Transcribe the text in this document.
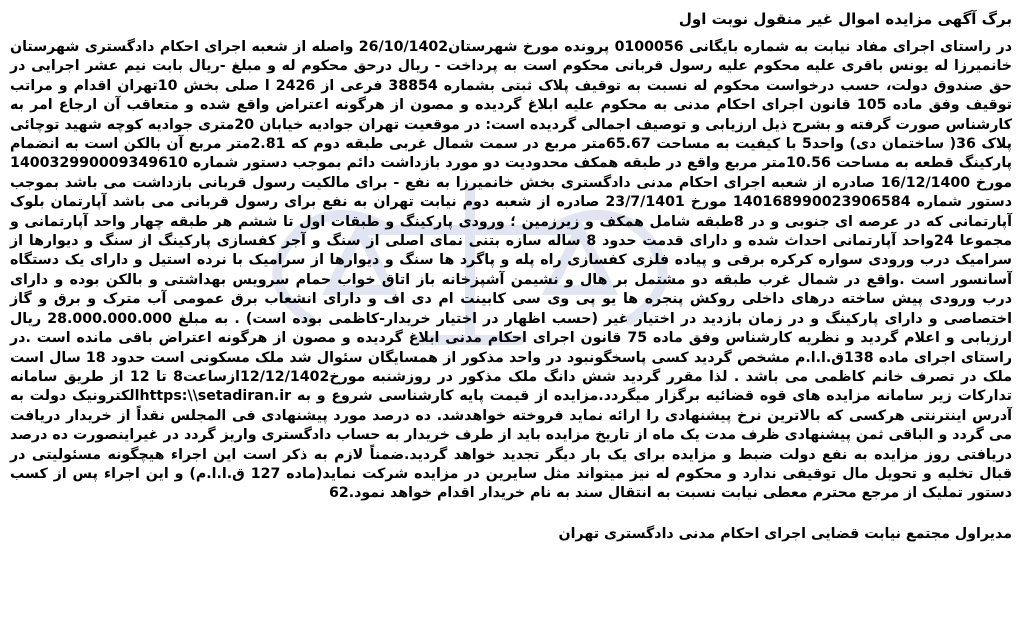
برگ آگهی مزایده اموال غیر منقول نوبت اول

در راستای اجرای مفاد نیابت به شماره بایگانی 0100056 پرونده مورخ شهرستان26/10/1402 واصله از شعبه اجرای احکام دادگستری شهرستان خانمیرزا له یونس باقری علیه محکوم علیه رسول قربانی محکوم است به پرداخت - ریال درحق محکوم له و مبلغ -ریال بابت نیم عشر اجرایی در حق صندوق دولت، حسب درخواست محکوم له نسبت به توقیف پلاک ثبتی بشماره 38854 فرعی از 2426 ا صلی بخش 10تهران اقدام و مراتب توقیف وفق ماده 105 قانون اجرای احکام مدنی به محکوم علیه ابلاغ گردیده و مصون از هرگونه اعتراض واقع شده و متعاقب آن ارجاع امر به کارشناس صورت گرفته و بشرح ذیل ارزیابی و توصیف اجمالی گردیده است: در موقعیت تهران جوادیه خیابان 20متری جوادیه کوچه شهید توچائی پلاک 36( ساختمان دی) واحد5 با کیفیت به مساحت 65.67متر مربع در سمت شمال غربی طبقه دوم که 2.81متر مربع آن بالکن است به انضمام پارکینگ قطعه به مساحت 10.56متر مربع واقع در طبقه همکف محدودیت دو مورد بازداشت دائم بموجب دستور شماره 140032990009349610 مورخ 16/12/1400 صادره از شعبه اجرای احکام مدنی دادگستری بخش خانمیرزا به نفع - برای مالکیت رسول قربانی بازداشت می باشد بموجب دستور شماره 140168990023906584 مورخ 23/7/1401 صادره از شعبه دوم نیابت تهران به نفع برای رسول قربانی می باشد آپارتمان بلوک آپارتمانی که در عرصه ای جنوبی و در 8طبقه شامل همکف و زیرزمین ؛ ورودی پارکینگ و طبقات اول تا ششم هر طبقه چهار واحد آپارتمانی و مجموعا 24واحد آپارتمانی احداث شده و دارای قدمت حدود 8 ساله سازه بتنی نمای اصلی از سنگ و آجر کفسازی پارکینگ از سنگ و دیوارها از سرامیک درب ورودی سواره کرکره برقی و پیاده فلزی کفسازی راه پله و پاگرد ها سنگ و دیوارها از سرامیک با نرده استیل و دارای یک دستگاه آسانسور است .واقع در شمال غرب طبقه دو مشتمل بر هال و نشیمن آشپزخانه باز اتاق خواب حمام سرویس بهداشتی و بالکن بوده و دارای درب ورودی پیش ساخته درهای داخلی روکش پنجره ها یو پی وی سی کابینت ام دی اف و دارای انشعاب برق عمومی آب مترک و برق و گاز اختصاصی و دارای پارکینگ و در زمان بازدید در اختیار غیر (حسب اظهار در اختیار خریدار-کاظمی بوده است) . به مبلغ 28.000.000.000 ریال ارزیابی و اعلام گردید و نظریه کارشناس وفق ماده 75 قانون اجرای احکام مدنی ابلاغ گردیده و مصون از هرگونه اعتراض باقی مانده است .در راستای اجرای ماده 138ق.ا.ا.م مشخص گردید کسی پاسخگونبود در واحد مذکور از همسایگان سئوال شد ملک مسکونی است حدود 18 سال است ملک در تصرف خانم کاظمی می باشد . لذا مقرر گردید شش دانگ ملک مذکور در روزشنبه مورخ12/12/1402ازساعت8 تا 12 از طریق سامانه تدارکات زیر سامانه مزایده های قوه قضائیه برگزار میگردد.مزایده از قیمت پایه کارشناسی شروع و به https:\\setadiran.irالکترونیک دولت به آدرس اینترنتی هرکسی که بالاترین نرخ پیشنهادی را ارائه نماید فروخته خواهدشد. ده درصد مورد پیشنهادی فی المجلس نقداً از خریدار دریافت می گردد و الباقی ثمن پیشنهادی ظرف مدت یک ماه از تاریخ مزایده باید از طرف خریدار به حساب دادگستری واریز گردد در غیراینصورت ده درصد دریافتی روز مزایده به نفع دولت ضبط و مزایده برای یک بار دیگر تجدید خواهد گردید.ضمناً لازم به ذکر است این اجراء هیچگونه مسئولیتی در قبال تخلیه و تحویل مال توقیفی ندارد و محکوم له نیز میتواند مثل سایرین در مزایده شرکت نماید(ماده 127 ق.ا.ا.م) و این اجراء پس از کسب دستور تملیک از مرجع محترم معطی نیابت نسبت به انتقال سند به نام خریدار اقدام خواهد نمود.62

مدیراول مجتمع نیابت قضایی اجرای احکام مدنی دادگستری تهران
